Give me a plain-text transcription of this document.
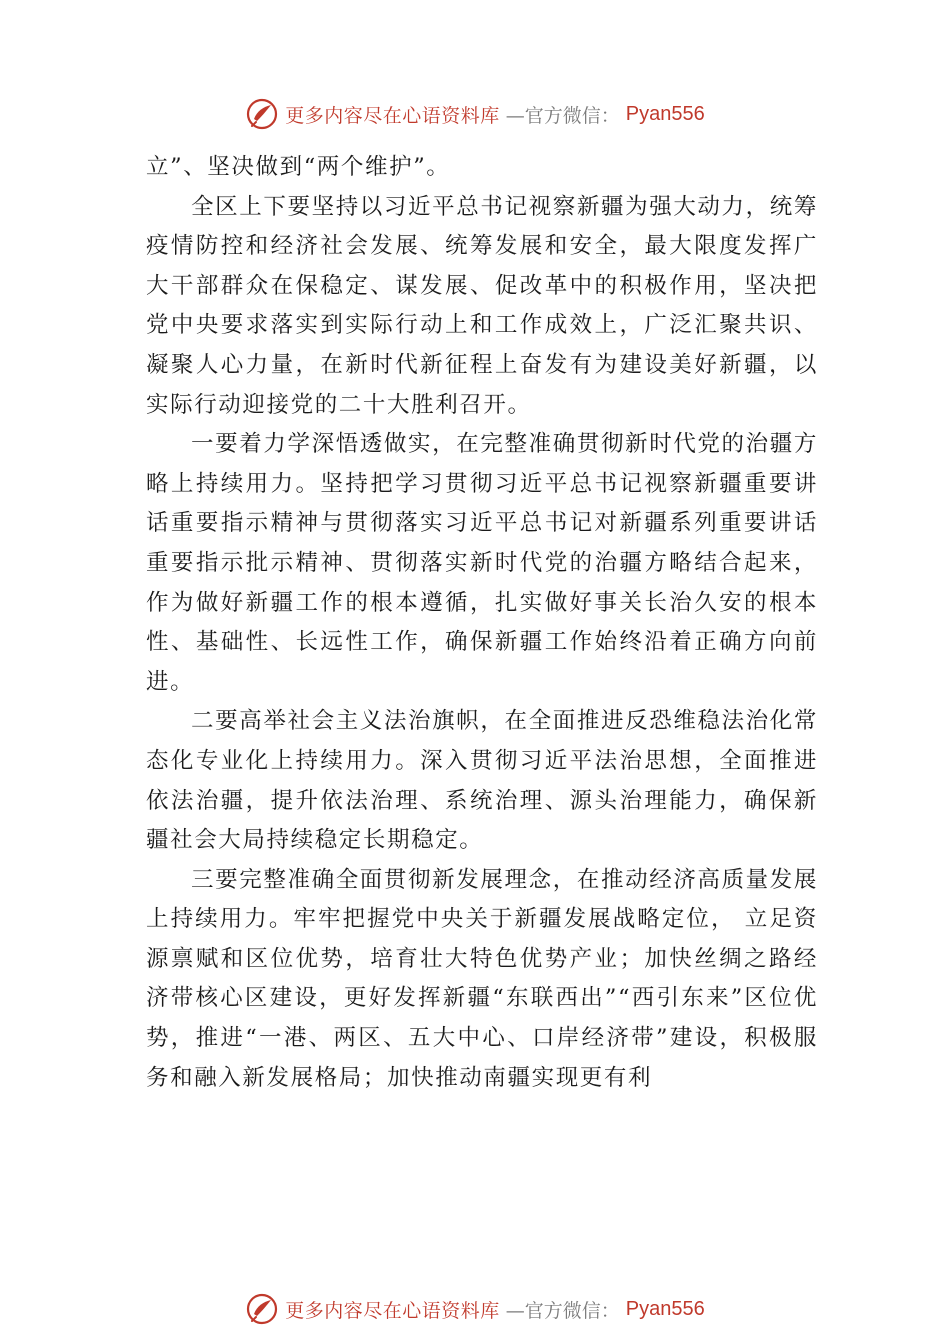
更多内容尽在心语资料库 —官方微信： Pyan556

立”、坚决做到“两个维护”。

全区上下要坚持以习近平总书记视察新疆为强大动力，统筹疫情防控和经济社会发展、统筹发展和安全，最大限度发挥广大干部群众在保稳定、谋发展、促改革中的积极作用，坚决把党中央要求落实到实际行动上和工作成效上，广泛汇聚共识、凝聚人心力量，在新时代新征程上奋发有为建设美好新疆，以实际行动迎接党的二十大胜利召开。

一要着力学深悟透做实，在完整准确贯彻新时代党的治疆方略上持续用力。坚持把学习贯彻习近平总书记视察新疆重要讲话重要指示精神与贯彻落实习近平总书记对新疆系列重要讲话重要指示批示精神、贯彻落实新时代党的治疆方略结合起来，作为做好新疆工作的根本遵循，扎实做好事关长治久安的根本性、基础性、长远性工作，确保新疆工作始终沿着正确方向前进。

二要高举社会主义法治旗帜，在全面推进反恐维稳法治化常态化专业化上持续用力。深入贯彻习近平法治思想，全面推进依法治疆，提升依法治理、系统治理、源头治理能力，确保新疆社会大局持续稳定长期稳定。

三要完整准确全面贯彻新发展理念，在推动经济高质量发展上持续用力。牢牢把握党中央关于新疆发展战略定位， 立足资源禀赋和区位优势，培育壮大特色优势产业；加快丝绸之路经济带核心区建设，更好发挥新疆“东联西出”“西引东来”区位优势，推进“一港、两区、五大中心、口岸经济带”建设，积极服务和融入新发展格局；加快推动南疆实现更有利

更多内容尽在心语资料库 —官方微信： Pyan556
